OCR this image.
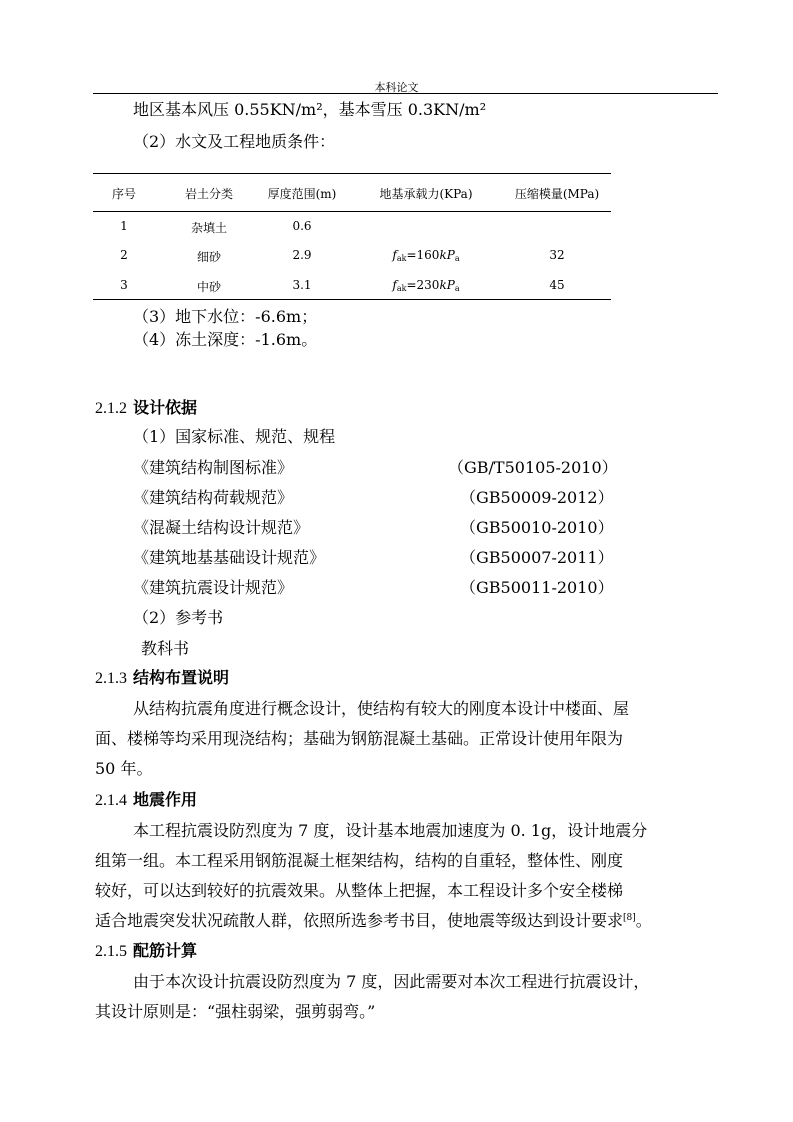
本科论文
地区基本风压 0.55KN/m²，基本雪压 0.3KN/m²
（2）水文及工程地质条件：
序号	岩土分类	厚度范围(m)	地基承载力(KPa)	压缩模量(MPa)
1	杂填土	0.6
2	细砂	2.9	$f_{ak}=160kP_a$	32
3	中砂	3.1	$f_{ak}=230kP_a$	45
（3）地下水位：-6.6m；
（4）冻土深度：-1.6m。
2.1.2 设计依据
（1）国家标准、规范、规程
《建筑结构制图标准》	（GB/T50105-2010）
《建筑结构荷载规范》	（GB50009-2012）
《混凝土结构设计规范》	（GB50010-2010）
《建筑地基基础设计规范》	（GB50007-2011）
《建筑抗震设计规范》	（GB50011-2010）
（2）参考书
教科书
2.1.3 结构布置说明
从结构抗震角度进行概念设计，使结构有较大的刚度本设计中楼面、屋
面、楼梯等均采用现浇结构；基础为钢筋混凝土基础。正常设计使用年限为
50 年。
2.1.4 地震作用
本工程抗震设防烈度为 7 度，设计基本地震加速度为 0. 1g，设计地震分
组第一组。本工程采用钢筋混凝土框架结构，结构的自重轻，整体性、刚度
较好，可以达到较好的抗震效果。从整体上把握，本工程设计多个安全楼梯
适合地震突发状况疏散人群，依照所选参考书目，使地震等级达到设计要求[8]。
2.1.5 配筋计算
由于本次设计抗震设防烈度为 7 度，因此需要对本次工程进行抗震设计，
其设计原则是：“强柱弱梁，强剪弱弯。”
